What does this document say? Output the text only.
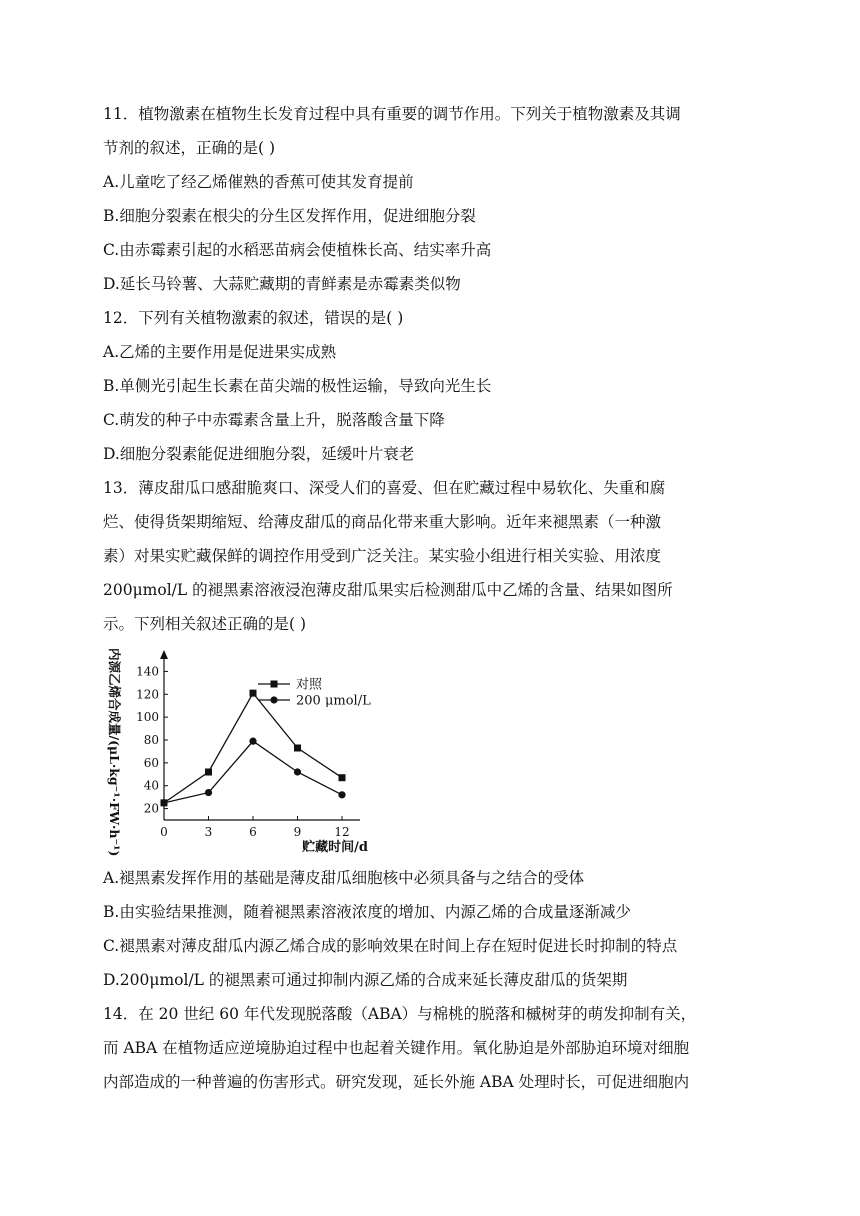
11．植物激素在植物生长发育过程中具有重要的调节作用。下列关于植物激素及其调
节剂的叙述，正确的是( )
A.儿童吃了经乙烯催熟的香蕉可使其发育提前
B.细胞分裂素在根尖的分生区发挥作用，促进细胞分裂
C.由赤霉素引起的水稻恶苗病会使植株长高、结实率升高
D.延长马铃薯、大蒜贮藏期的青鲜素是赤霉素类似物
12．下列有关植物激素的叙述，错误的是( )
A.乙烯的主要作用是促进果实成熟
B.单侧光引起生长素在苗尖端的极性运输，导致向光生长
C.萌发的种子中赤霉素含量上升，脱落酸含量下降
D.细胞分裂素能促进细胞分裂，延缓叶片衰老
13．薄皮甜瓜口感甜脆爽口、深受人们的喜爱、但在贮藏过程中易软化、失重和腐
烂、使得货架期缩短、给薄皮甜瓜的商品化带来重大影响。近年来褪黑素（一种激
素）对果实贮藏保鲜的调控作用受到广泛关注。某实验小组进行相关实验、用浓度
200μmol/L 的褪黑素溶液浸泡薄皮甜瓜果实后检测甜瓜中乙烯的含量、结果如图所
示。下列相关叙述正确的是( )
20
40
60
80
100
120
140
0	3	6	9	12
贮藏时间/d
内源乙烯合成量/(μL·kg⁻¹·FW·h⁻¹)	对照
200 μmol/L
A.褪黑素发挥作用的基础是薄皮甜瓜细胞核中必须具备与之结合的受体
B.由实验结果推测，随着褪黑素溶液浓度的增加、内源乙烯的合成量逐渐减少
C.褪黑素对薄皮甜瓜内源乙烯合成的影响效果在时间上存在短时促进长时抑制的特点
D.200μmol/L 的褪黑素可通过抑制内源乙烯的合成来延长薄皮甜瓜的货架期
14．在 20 世纪 60 年代发现脱落酸（ABA）与棉桃的脱落和槭树芽的萌发抑制有关，
而 ABA 在植物适应逆境胁迫过程中也起着关键作用。氧化胁迫是外部胁迫环境对细胞
内部造成的一种普遍的伤害形式。研究发现，延长外施 ABA 处理时长，可促进细胞内
